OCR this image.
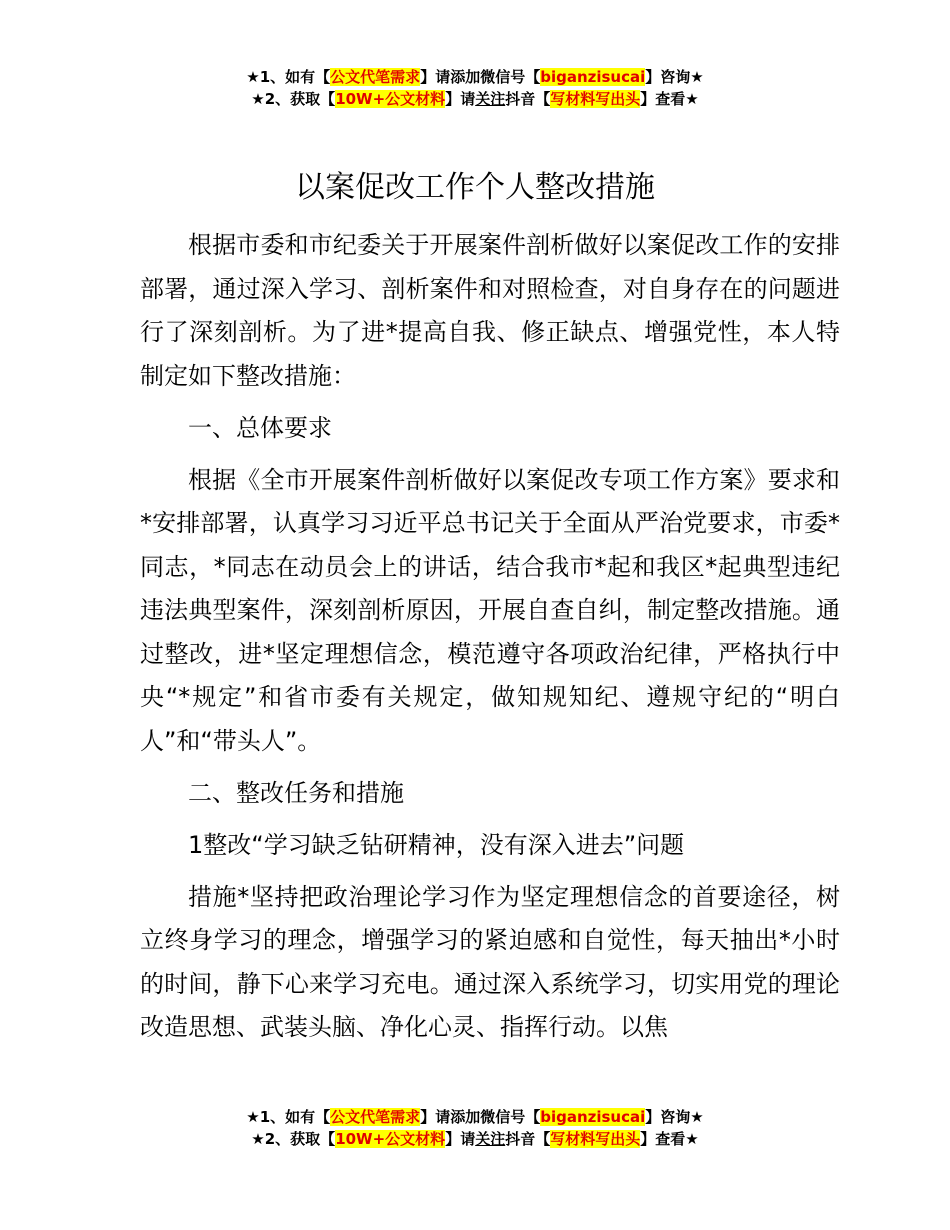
★1、如有【公文代笔需求】请添加微信号【biganzisucai】咨询★
★2、获取【10W+公文材料】请关注抖音【写材料写出头】查看★
以案促改工作个人整改措施

根据市委和市纪委关于开展案件剖析做好以案促改工作的安排部署，通过深入学习、剖析案件和对照检查，对自身存在的问题进行了深刻剖析。为了进*提高自我、修正缺点、增强党性，本人特制定如下整改措施：

一、总体要求

根据《全市开展案件剖析做好以案促改专项工作方案》要求和*安排部署，认真学习习近平总书记关于全面从严治党要求，市委*同志，*同志在动员会上的讲话，结合我市*起和我区*起典型违纪违法典型案件，深刻剖析原因，开展自查自纠，制定整改措施。通过整改，进*坚定理想信念，模范遵守各项政治纪律，严格执行中央“*规定”和省市委有关规定，做知规知纪、遵规守纪的“明白人”和“带头人”。

二、整改任务和措施

1整改“学习缺乏钻研精神，没有深入进去”问题

措施*坚持把政治理论学习作为坚定理想信念的首要途径，树立终身学习的理念，增强学习的紧迫感和自觉性，每天抽出*小时的时间，静下心来学习充电。通过深入系统学习，切实用党的理论改造思想、武装头脑、净化心灵、指挥行动。以焦

★1、如有【公文代笔需求】请添加微信号【biganzisucai】咨询★
★2、获取【10W+公文材料】请关注抖音【写材料写出头】查看★
